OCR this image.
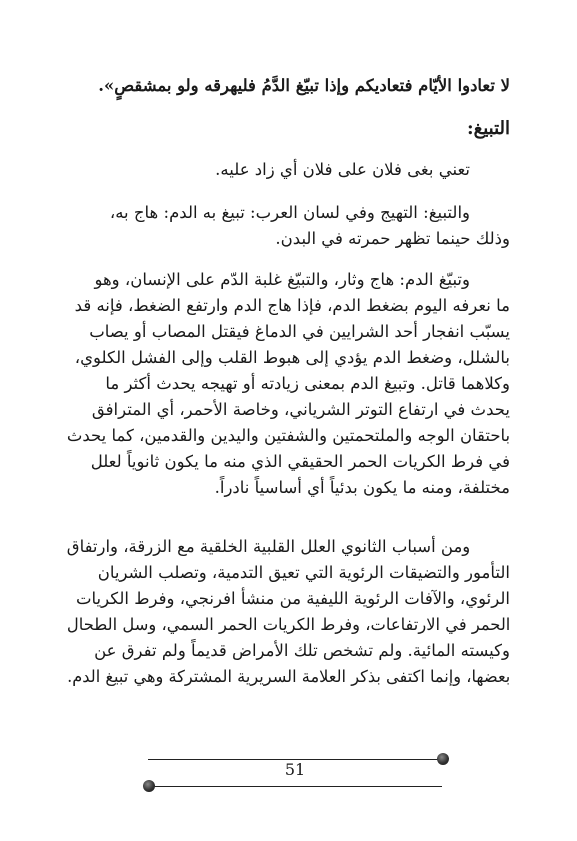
لا تعادوا الأيّام فتعاديكم وإذا تبيّغ الدَّمُ فليهرقه ولو بمشقصٍ».
التبيغ:
تعني بغى فلان على فلان أي زاد عليه.
والتبيغ: التهيج وفي لسان العرب: تبيغ به الدم: هاج به،
وذلك حينما تظهر حمرته في البدن.
وتبيّغ الدم: هاج وثار، والتبيّغ غلبة الدّم على الإنسان، وهو
ما نعرفه اليوم بضغط الدم، فإذا هاج الدم وارتفع الضغط، فإنه قد
يسبّب انفجار أحد الشرايين في الدماغ فيقتل المصاب أو يصاب
بالشلل، وضغط الدم يؤدي إلى هبوط القلب وإلى الفشل الكلوي،
وكلاهما قاتل. وتبيغ الدم بمعنى زيادته أو تهيجه يحدث أكثر ما
يحدث في ارتفاع التوتر الشرياني، وخاصة الأحمر، أي المترافق
باحتقان الوجه والملتحمتين والشفتين واليدين والقدمين، كما يحدث
في فرط الكريات الحمر الحقيقي الذي منه ما يكون ثانوياً لعلل
مختلفة، ومنه ما يكون بدئياً أي أساسياً نادراً.
ومن أسباب الثانوي العلل القلبية الخلقية مع الزرقة، وارتفاق
التأمور والتضيقات الرئوية التي تعيق التدمية، وتصلب الشريان
الرئوي، والآفات الرئوية الليفية من منشأ افرنجي، وفرط الكريات
الحمر في الارتفاعات، وفرط الكريات الحمر السمي، وسل الطحال
وكيسته المائية. ولم تشخص تلك الأمراض قديماً ولم تفرق عن
بعضها، وإنما اكتفى بذكر العلامة السريرية المشتركة وهي تبيغ الدم.
51
